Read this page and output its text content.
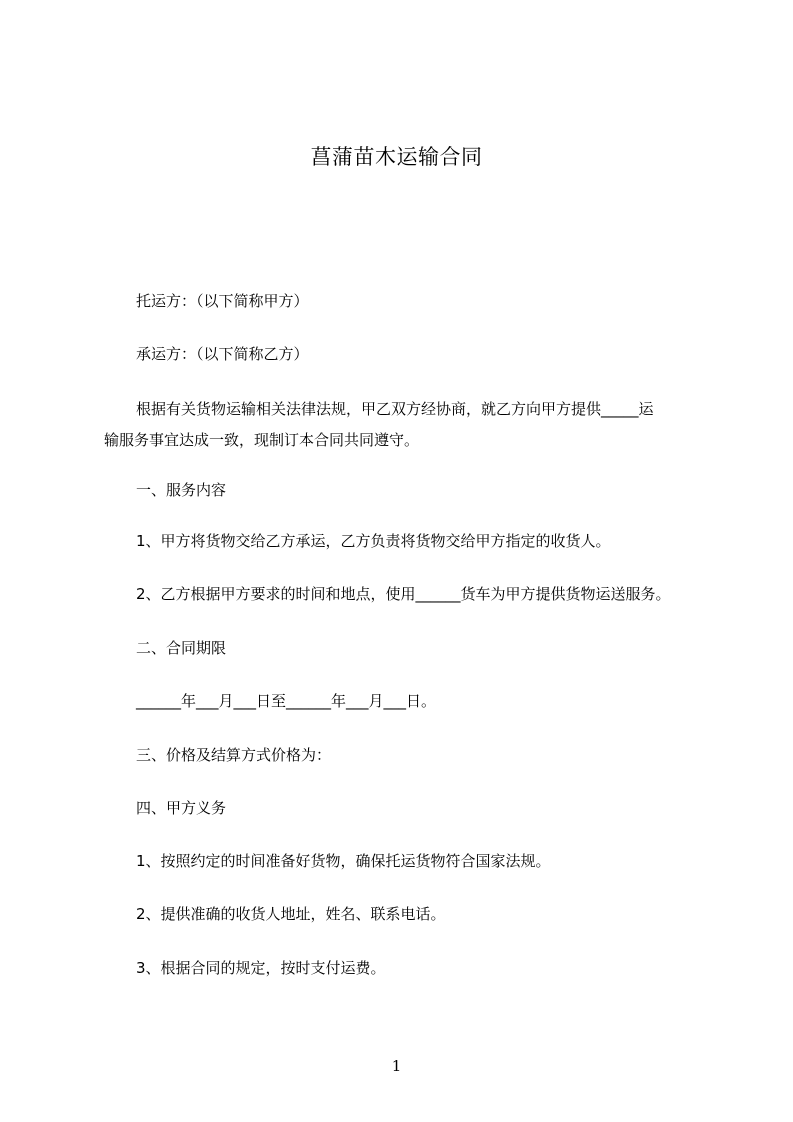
菖蒲苗木运输合同
托运方：（以下简称甲方）
承运方：（以下简称乙方）
根据有关货物运输相关法律法规，甲乙双方经协商，就乙方向甲方提供_____运
输服务事宜达成一致，现制订本合同共同遵守。
一、服务内容
1、甲方将货物交给乙方承运，乙方负责将货物交给甲方指定的收货人。
2、乙方根据甲方要求的时间和地点，使用______货车为甲方提供货物运送服务。
二、合同期限
______年___月___日至______年___月___日。
三、价格及结算方式价格为：
四、甲方义务
1、按照约定的时间准备好货物，确保托运货物符合国家法规。
2、提供准确的收货人地址，姓名、联系电话。
3、根据合同的规定，按时支付运费。
1
